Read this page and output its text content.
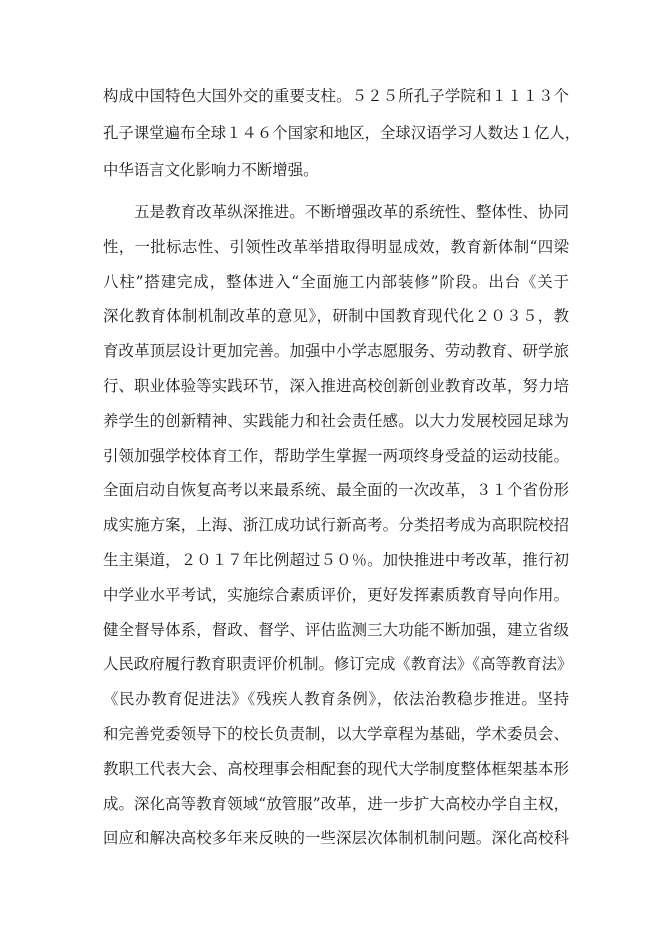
构成中国特色大国外交的重要支柱。５２５所孔子学院和１１１３个
孔子课堂遍布全球１４６个国家和地区，全球汉语学习人数达１亿人，
中华语言文化影响力不断增强。
五是教育改革纵深推进。不断增强改革的系统性、整体性、协同
性，一批标志性、引领性改革举措取得明显成效，教育新体制“四梁
八柱”搭建完成，整体进入“全面施工内部装修”阶段。出台《关于
深化教育体制机制改革的意见》，研制中国教育现代化２０３５，教
育改革顶层设计更加完善。加强中小学志愿服务、劳动教育、研学旅
行、职业体验等实践环节，深入推进高校创新创业教育改革，努力培
养学生的创新精神、实践能力和社会责任感。以大力发展校园足球为
引领加强学校体育工作，帮助学生掌握一两项终身受益的运动技能。
全面启动自恢复高考以来最系统、最全面的一次改革，３１个省份形
成实施方案，上海、浙江成功试行新高考。分类招考成为高职院校招
生主渠道，２０１７年比例超过５０％。加快推进中考改革，推行初
中学业水平考试，实施综合素质评价，更好发挥素质教育导向作用。
健全督导体系，督政、督学、评估监测三大功能不断加强，建立省级
人民政府履行教育职责评价机制。修订完成《教育法》《高等教育法》
《民办教育促进法》《残疾人教育条例》，依法治教稳步推进。坚持
和完善党委领导下的校长负责制，以大学章程为基础，学术委员会、
教职工代表大会、高校理事会相配套的现代大学制度整体框架基本形
成。深化高等教育领域“放管服”改革，进一步扩大高校办学自主权，
回应和解决高校多年来反映的一些深层次体制机制问题。深化高校科
